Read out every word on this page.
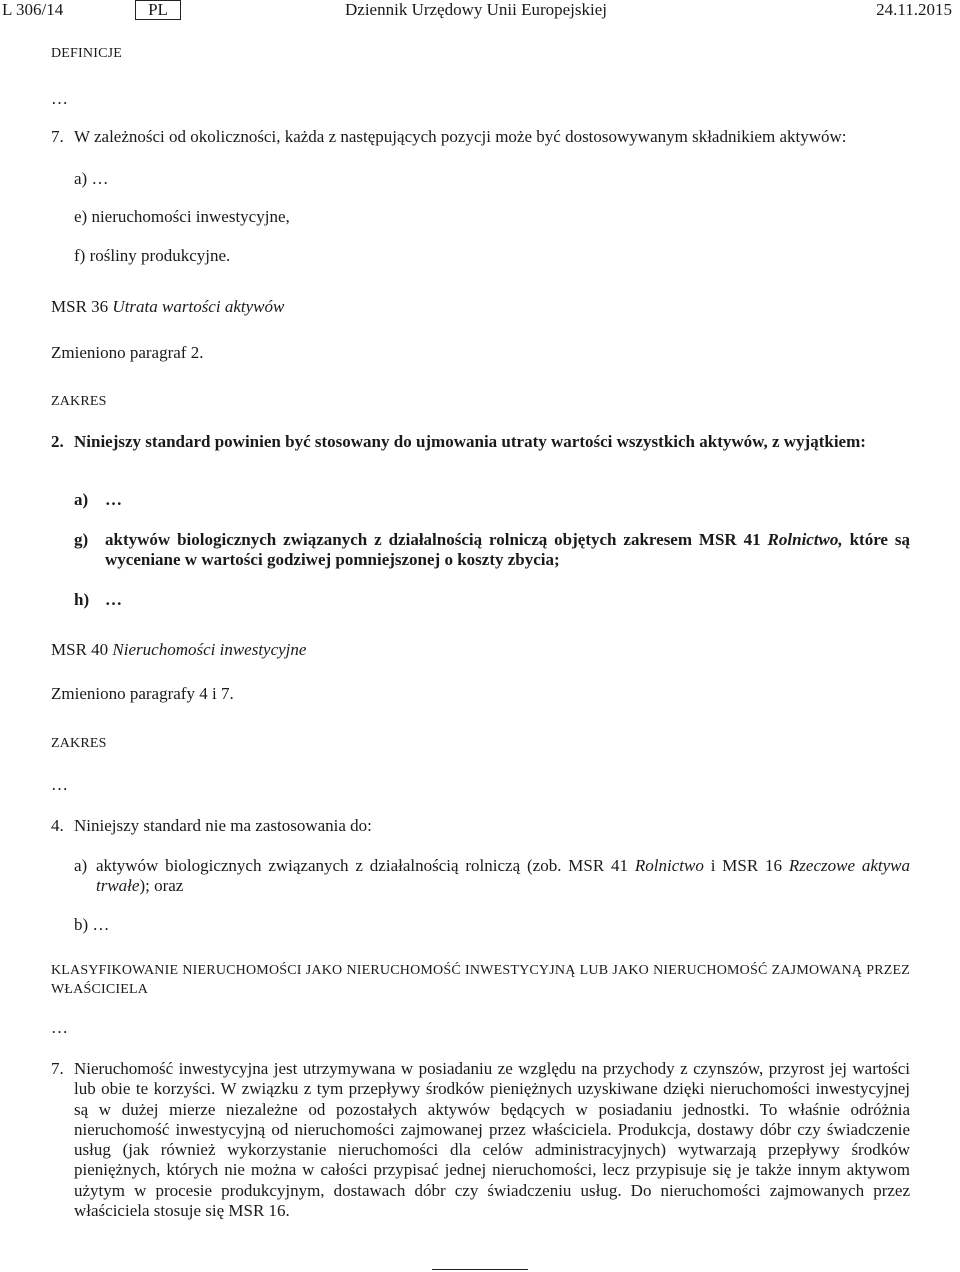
L 306/14	PL	Dziennik Urzędowy Unii Europejskiej	24.11.2015
DEFINICJE
…
7. W zależności od okoliczności, każda z następujących pozycji może być dostosowywanym składnikiem aktywów:
a) …
e) nieruchomości inwestycyjne,
f) rośliny produkcyjne.
MSR 36 Utrata wartości aktywów
Zmieniono paragraf 2.
ZAKRES
2. Niniejszy standard powinien być stosowany do ujmowania utraty wartości wszystkich aktywów, z wyjątkiem:
a) …
g) aktywów biologicznych związanych z działalnością rolniczą objętych zakresem MSR 41 Rolnictwo, które są wyceniane w wartości godziwej pomniejszonej o koszty zbycia;
h) …
MSR 40 Nieruchomości inwestycyjne
Zmieniono paragrafy 4 i 7.
ZAKRES
…
4. Niniejszy standard nie ma zastosowania do:
a) aktywów biologicznych związanych z działalnością rolniczą (zob. MSR 41 Rolnictwo i MSR 16 Rzeczowe aktywa trwałe); oraz
b) …
KLASYFIKOWANIE NIERUCHOMOŚCI JAKO NIERUCHOMOŚĆ INWESTYCYJNĄ LUB JAKO NIERUCHOMOŚĆ ZAJMOWANĄ PRZEZ WŁAŚCICIELA
…
7. Nieruchomość inwestycyjna jest utrzymywana w posiadaniu ze względu na przychody z czynszów, przyrost jej wartości lub obie te korzyści. W związku z tym przepływy środków pieniężnych uzyskiwane dzięki nieruchomości inwestycyjnej są w dużej mierze niezależne od pozostałych aktywów będących w posiadaniu jednostki. To właśnie odróżnia nieruchomość inwestycyjną od nieruchomości zajmowanej przez właściciela. Produkcja, dostawy dóbr czy świadczenie usług (jak również wykorzystanie nieruchomości dla celów administracyjnych) wytwarzają przepływy środków pieniężnych, których nie można w całości przypisać jednej nieruchomości, lecz przypisuje się je także innym aktywom użytym w procesie produkcyjnym, dostawach dóbr czy świadczeniu usług. Do nieruchomości zajmowanych przez właściciela stosuje się MSR 16.
